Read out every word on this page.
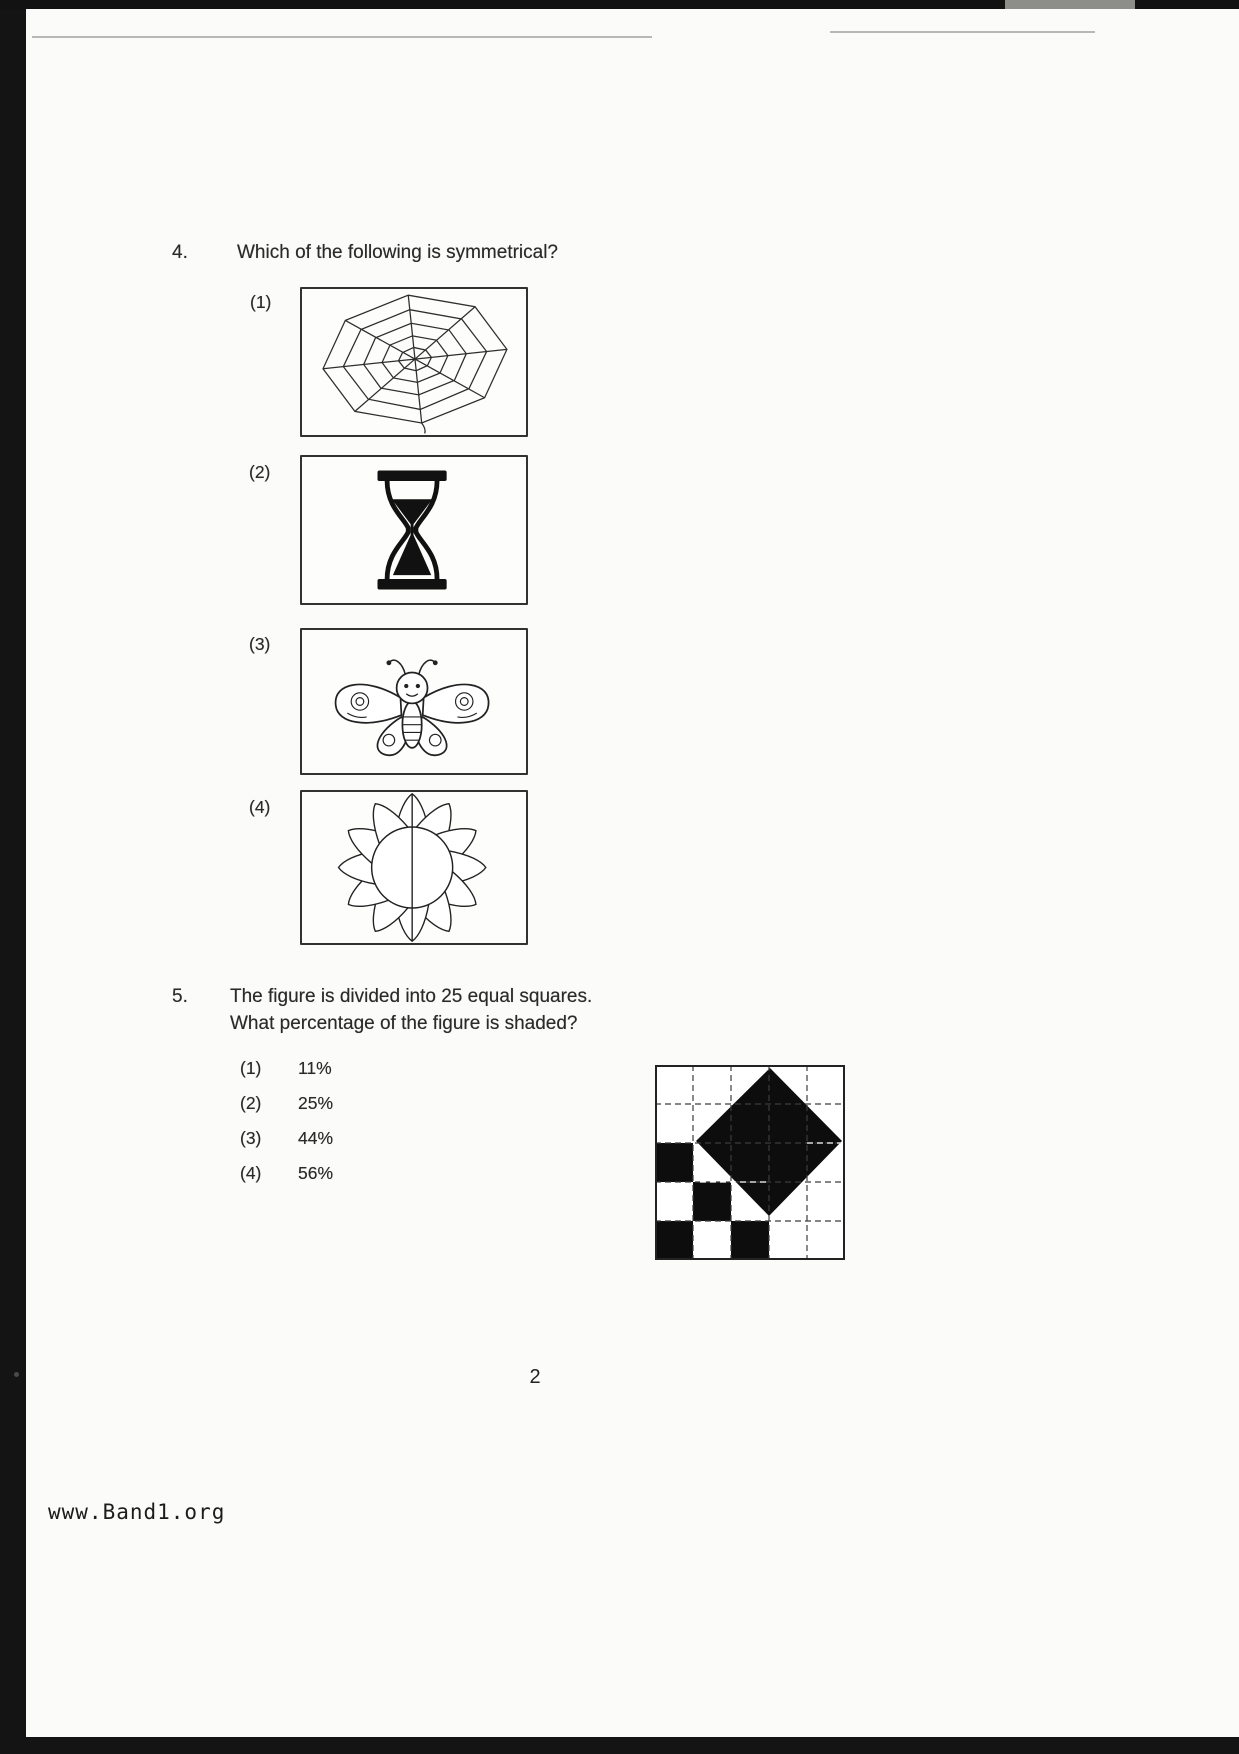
4.	Which of the following is symmetrical?
(1)
(2)
(3)
(4)
5. The figure is divided into 25 equal squares.
What percentage of the figure is shaded?
(1)	11%
(2)	25%
(3)	44%
(4)	56%
2
www.Band1.org
